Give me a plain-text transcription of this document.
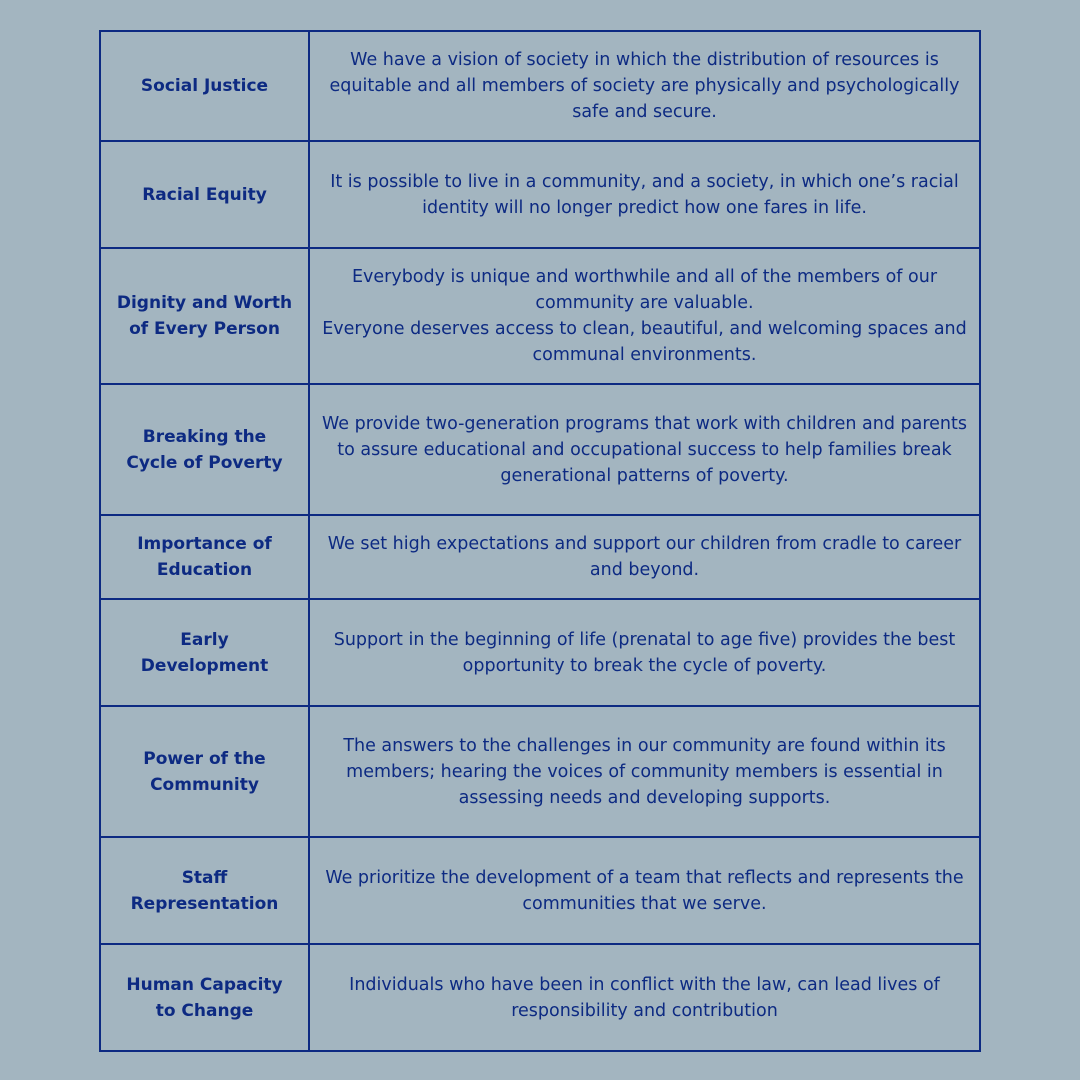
Social Justice	We have a vision of society in which the distribution of resources is equitable and all members of society are physically and psychologically safe and secure.

Racial Equity	It is possible to live in a community, and a society, in which one’s racial identity will no longer predict how one fares in life.

Dignity and Worth of Every Person	Everybody is unique and worthwhile and all of the members of our community are valuable.
Everyone deserves access to clean, beautiful, and welcoming spaces and communal environments.

Breaking the Cycle of Poverty	We provide two-generation programs that work with children and parents to assure educational and occupational success to help families break generational patterns of poverty.

Importance of Education	We set high expectations and support our children from cradle to career and beyond.

Early Development	Support in the beginning of life (prenatal to age five) provides the best opportunity to break the cycle of poverty.

Power of the Community	The answers to the challenges in our community are found within its members; hearing the voices of community members is essential in assessing needs and developing supports.

Staff Representation	We prioritize the development of a team that reflects and represents the communities that we serve.

Human Capacity to Change	Individuals who have been in conflict with the law, can lead lives of responsibility and contribution
